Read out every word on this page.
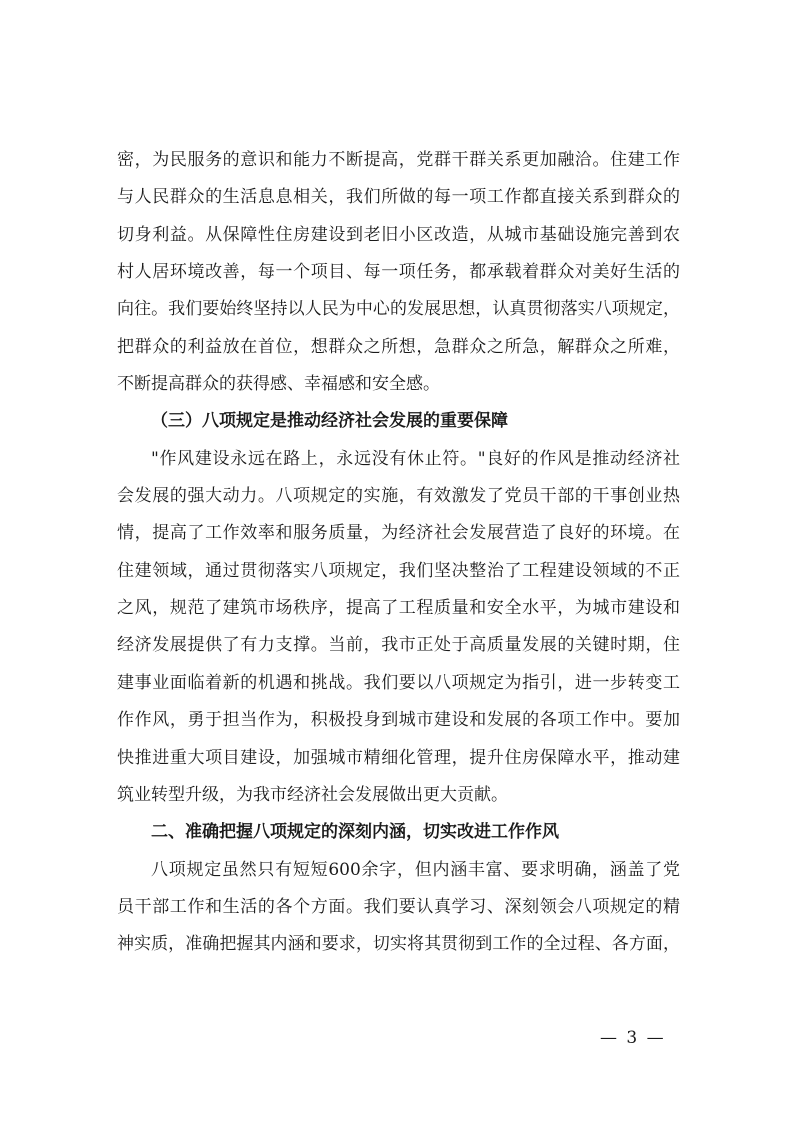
密，为民服务的意识和能力不断提高，党群干群关系更加融洽。住建工作
与人民群众的生活息息相关，我们所做的每一项工作都直接关系到群众的
切身利益。从保障性住房建设到老旧小区改造，从城市基础设施完善到农
村人居环境改善，每一个项目、每一项任务，都承载着群众对美好生活的
向往。我们要始终坚持以人民为中心的发展思想，认真贯彻落实八项规定，
把群众的利益放在首位，想群众之所想，急群众之所急，解群众之所难，
不断提高群众的获得感、幸福感和安全感。
（三）八项规定是推动经济社会发展的重要保障
"作风建设永远在路上，永远没有休止符。"良好的作风是推动经济社
会发展的强大动力。八项规定的实施，有效激发了党员干部的干事创业热
情，提高了工作效率和服务质量，为经济社会发展营造了良好的环境。在
住建领域，通过贯彻落实八项规定，我们坚决整治了工程建设领域的不正
之风，规范了建筑市场秩序，提高了工程质量和安全水平，为城市建设和
经济发展提供了有力支撑。当前，我市正处于高质量发展的关键时期，住
建事业面临着新的机遇和挑战。我们要以八项规定为指引，进一步转变工
作作风，勇于担当作为，积极投身到城市建设和发展的各项工作中。要加
快推进重大项目建设，加强城市精细化管理，提升住房保障水平，推动建
筑业转型升级，为我市经济社会发展做出更大贡献。
二、准确把握八项规定的深刻内涵，切实改进工作作风
八项规定虽然只有短短600余字，但内涵丰富、要求明确，涵盖了党
员干部工作和生活的各个方面。我们要认真学习、深刻领会八项规定的精
神实质，准确把握其内涵和要求，切实将其贯彻到工作的全过程、各方面，
— 3 —
